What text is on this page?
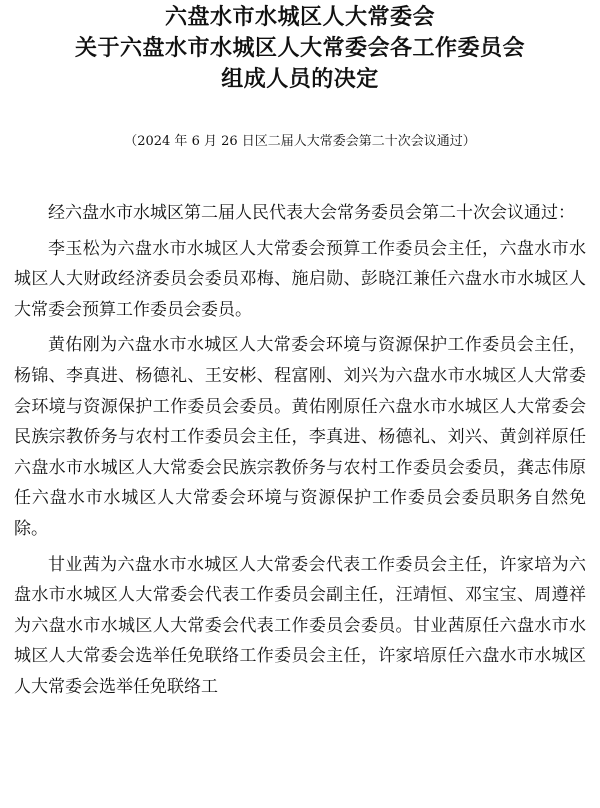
六盘水市水城区人大常委会
关于六盘水市水城区人大常委会各工作委员会
组成人员的决定
（2024 年 6 月 26 日区二届人大常委会第二十次会议通过）

经六盘水市水城区第二届人民代表大会常务委员会第二十次会议通过：

李玉松为六盘水市水城区人大常委会预算工作委员会主任，六盘水市水城区人大财政经济委员会委员邓梅、施启勋、彭晓江兼任六盘水市水城区人大常委会预算工作委员会委员。

黄佑刚为六盘水市水城区人大常委会环境与资源保护工作委员会主任，杨锦、李真进、杨德礼、王安彬、程富刚、刘兴为六盘水市水城区人大常委会环境与资源保护工作委员会委员。黄佑刚原任六盘水市水城区人大常委会民族宗教侨务与农村工作委员会主任，李真进、杨德礼、刘兴、黄剑祥原任六盘水市水城区人大常委会民族宗教侨务与农村工作委员会委员，龚志伟原任六盘水市水城区人大常委会环境与资源保护工作委员会委员职务自然免除。

甘业茜为六盘水市水城区人大常委会代表工作委员会主任，许家培为六盘水市水城区人大常委会代表工作委员会副主任，汪靖恒、邓宝宝、周遵祥为六盘水市水城区人大常委会代表工作委员会委员。甘业茜原任六盘水市水城区人大常委会选举任免联络工作委员会主任，许家培原任六盘水市水城区人大常委会选举任免联络工
